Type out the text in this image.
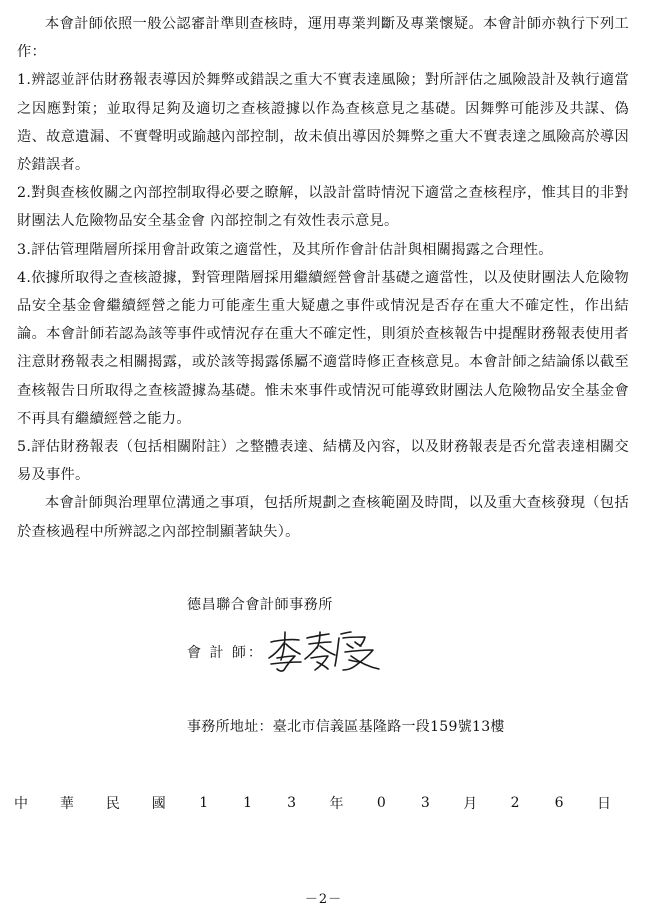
本會計師依照一般公認審計準則查核時，運用專業判斷及專業懷疑。本會計師亦執行下列工作：

1.辨認並評估財務報表導因於舞弊或錯誤之重大不實表達風險；對所評估之風險設計及執行適當之因應對策；並取得足夠及適切之查核證據以作為查核意見之基礎。因舞弊可能涉及共謀、偽造、故意遺漏、不實聲明或踰越內部控制，故未偵出導因於舞弊之重大不實表達之風險高於導因於錯誤者。

2.對與查核攸關之內部控制取得必要之瞭解，以設計當時情況下適當之查核程序，惟其目的非對財團法人危險物品安全基金會 內部控制之有效性表示意見。

3.評估管理階層所採用會計政策之適當性，及其所作會計估計與相關揭露之合理性。

4.依據所取得之查核證據，對管理階層採用繼續經營會計基礎之適當性，以及使財團法人危險物品安全基金會繼續經營之能力可能產生重大疑慮之事件或情況是否存在重大不確定性，作出結論。本會計師若認為該等事件或情況存在重大不確定性，則須於查核報告中提醒財務報表使用者注意財務報表之相關揭露，或於該等揭露係屬不適當時修正查核意見。本會計師之結論係以截至查核報告日所取得之查核證據為基礎。惟未來事件或情況可能導致財團法人危險物品安全基金會 不再具有繼續經營之能力。

5.評估財務報表（包括相關附註）之整體表達、結構及內容，以及財務報表是否允當表達相關交易及事件。

本會計師與治理單位溝通之事項，包括所規劃之查核範圍及時間，以及重大查核發現（包括於查核過程中所辨認之內部控制顯著缺失）。

德昌聯合會計師事務所
會 計 師：
事務所地址：臺北市信義區基隆路一段159號13樓
中 華 民 國 1	1	3 年 0	3 月 2	6 日
－2－
